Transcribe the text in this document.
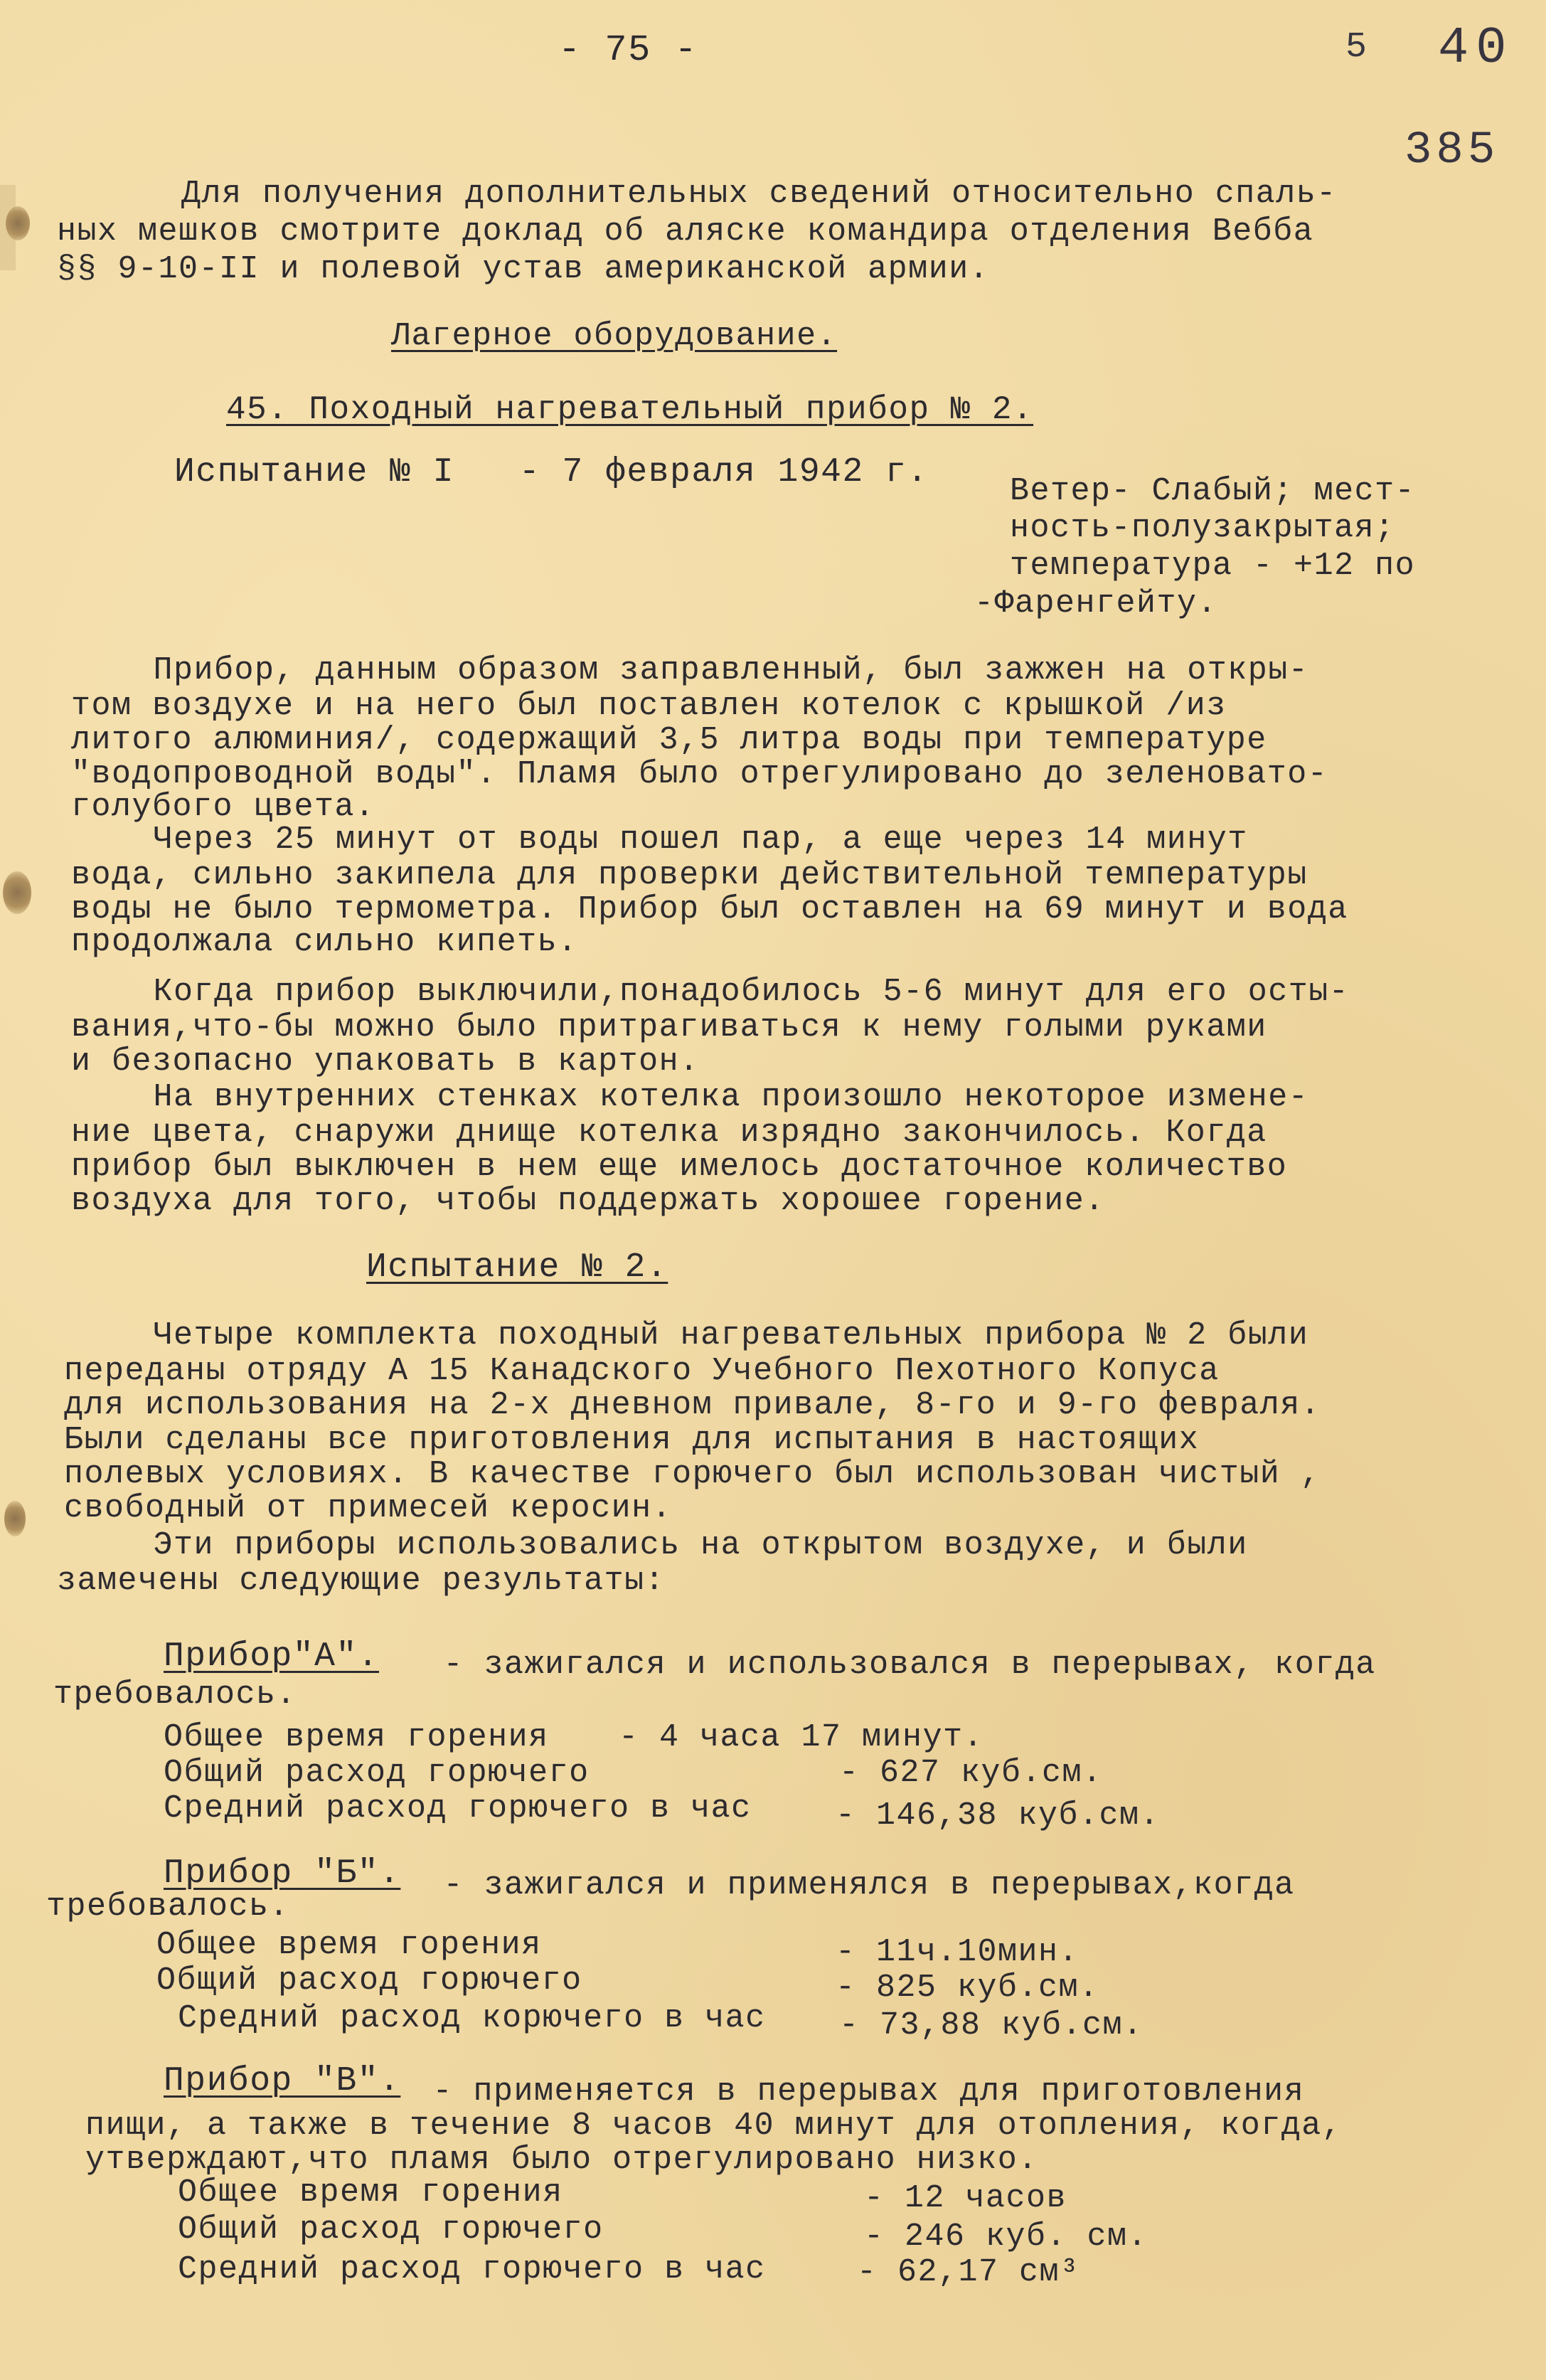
- 75 -	5 40
385
Для получения дополнительных сведений относительно спаль-
ных мешков смотрите доклад об аляске командира отделения Вебба
§§ 9-10-II и полевой устав американской армии.
Лагерное оборудование.
45. Походный нагревательный прибор № 2.
Испытание № I   - 7 февраля 1942 г.	Ветер- Слабый; мест-
ность-полузакрытая;
температура - +12 по
-Фаренгейту.
Прибор, данным образом заправленный, был зажжен на откры-
том воздухе и на него был поставлен котелок с крышкой /из
литого алюминия/, содержащий 3,5 литра воды при температуре
"водопроводной воды". Пламя было отрегулировано до зеленовато-
голубого цвета.
Через 25 минут от воды пошел пар, а еще через 14 минут
вода, сильно закипела для проверки действительной температуры
воды не было термометра. Прибор был оставлен на 69 минут и вода
продолжала сильно кипеть.
Когда прибор выключили,понадобилось 5-6 минут для его осты-
вания,что-бы можно было притрагиваться к нему голыми руками
и безопасно упаковать в картон.
На внутренних стенках котелка произошло некоторое измене-
ние цвета, снаружи днище котелка изрядно закончилось. Когда
прибор был выключен в нем еще имелось достаточное количество
воздуха для того, чтобы поддержать хорошее горение.
Испытание № 2.
Четыре комплекта походный нагревательных прибора № 2 были
переданы отряду А 15 Канадского Учебного Пехотного Копуса
для использования на 2-х дневном привале, 8-го и 9-го февраля.
Были сделаны все приготовления для испытания в настоящих
полевых условиях. В качестве горючего был использован чистый ,
свободный от примесей керосин.
Эти приборы использовались на открытом воздухе, и были
замечены следующие результаты:
Прибор"А". - зажигался и использовался в перерывах, когда
требовалось.
Общее время горения - 4 часа 17 минут.
Общий расход горючего	- 627 куб.см.
Средний расход горючего в час	- 146,38 куб.см.
Прибор "Б". - зажигался и применялся в перерывах,когда
требовалось.
Общее время горения	- 11ч.10мин.
Общий расход горючего	- 825 куб.см.
Средний расход корючего в час - 73,88 куб.см.
Прибор "В". - применяется в перерывах для приготовления
пищи, а также в течение 8 часов 40 минут для отопления, когда,
утверждают,что пламя было отрегулировано низко.
Общее время горения	- 12 часов
Общий расход горючего	- 246 куб. см.
Средний расход горючего в час	- 62,17 см³
